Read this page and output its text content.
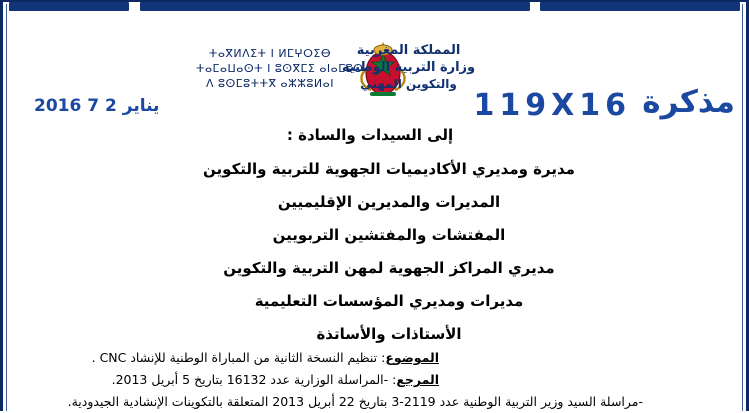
ⵜⴰⴳⵍⴷⵉⵜ ⵏ ⵍⵎⵖⵔⵉⴱ
ⵜⴰⵎⴰⵡⴰⵙⵜ ⵏ ⵓⵙⴳⵎⵉ ⴰⵏⴰⵎⵓⵔ
ⴷ ⵓⵙⵎⵓⵜⵜⴳ ⴰⵣⵣⵓⵍⴰⵏ
المملكة المغربية
وزارة التربية الوطنية
والتكوين المهني
2016 يناير 2 7	119X16 مذكرة
إلى السيدات والسادة :
مديرة ومديري الأكاديميات الجهوية للتربية والتكوين
المديرات والمديرين الإقليميين
المفتشات والمفتشين التربويين
مديري المراكز الجهوية لمهن التربية والتكوين
مديرات ومديري المؤسسات التعليمية
الأستاذات والأساتذة
الموضوع: تنظيم النسخة الثانية من المباراة الوطنية للإنشاد CNC .
المرجع: -المراسلة الوزارية عدد 16132 بتاريخ 5 أبريل 2013.
-مراسلة السيد وزير التربية الوطنية عدد 2119-3 بتاريخ 22 أبريل 2013 المتعلقة بالتكوينات الإنشادية الجيدودية.
